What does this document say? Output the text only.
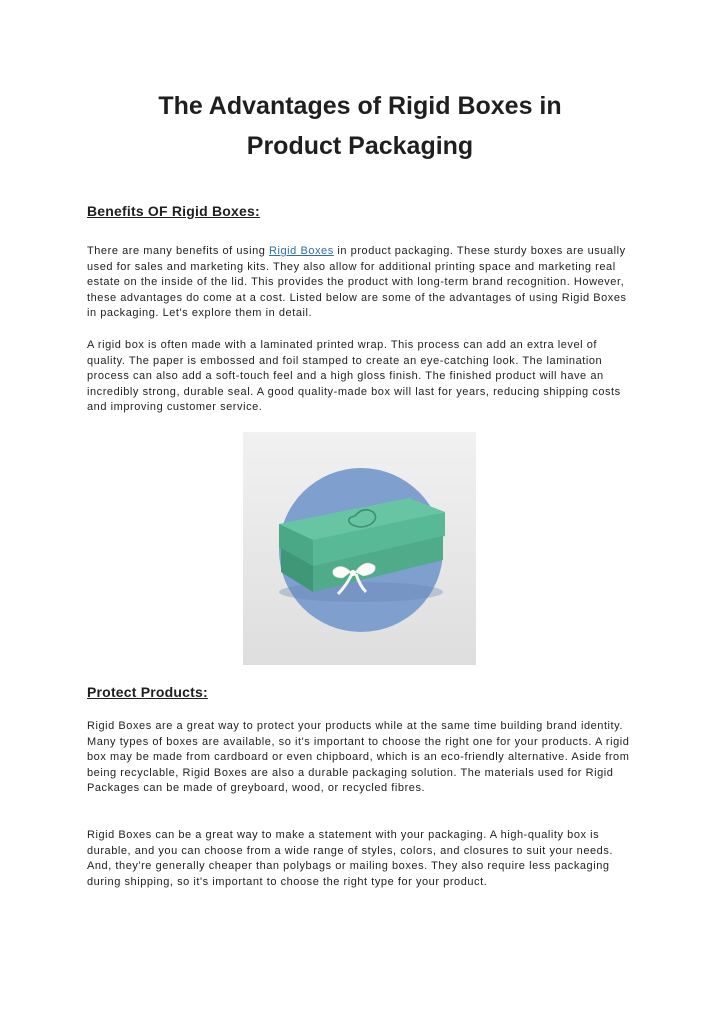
The Advantages of Rigid Boxes in
Product Packaging
Benefits OF Rigid Boxes:

There are many benefits of using Rigid Boxes in product packaging. These sturdy boxes are usually used for sales and marketing kits. They also allow for additional printing space and marketing real estate on the inside of the lid. This provides the product with long-term brand recognition. However, these advantages do come at a cost. Listed below are some of the advantages of using Rigid Boxes in packaging. Let's explore them in detail.

A rigid box is often made with a laminated printed wrap. This process can add an extra level of quality. The paper is embossed and foil stamped to create an eye-catching look. The lamination process can also add a soft-touch feel and a high gloss finish. The finished product will have an incredibly strong, durable seal. A good quality-made box will last for years, reducing shipping costs and improving customer service.

Protect Products:

Rigid Boxes are a great way to protect your products while at the same time building brand identity. Many types of boxes are available, so it's important to choose the right one for your products. A rigid box may be made from cardboard or even chipboard, which is an eco-friendly alternative. Aside from being recyclable, Rigid Boxes are also a durable packaging solution. The materials used for Rigid Packages can be made of greyboard, wood, or recycled fibres.

Rigid Boxes can be a great way to make a statement with your packaging. A high-quality box is durable, and you can choose from a wide range of styles, colors, and closures to suit your needs. And, they're generally cheaper than polybags or mailing boxes. They also require less packaging during shipping, so it's important to choose the right type for your product.
